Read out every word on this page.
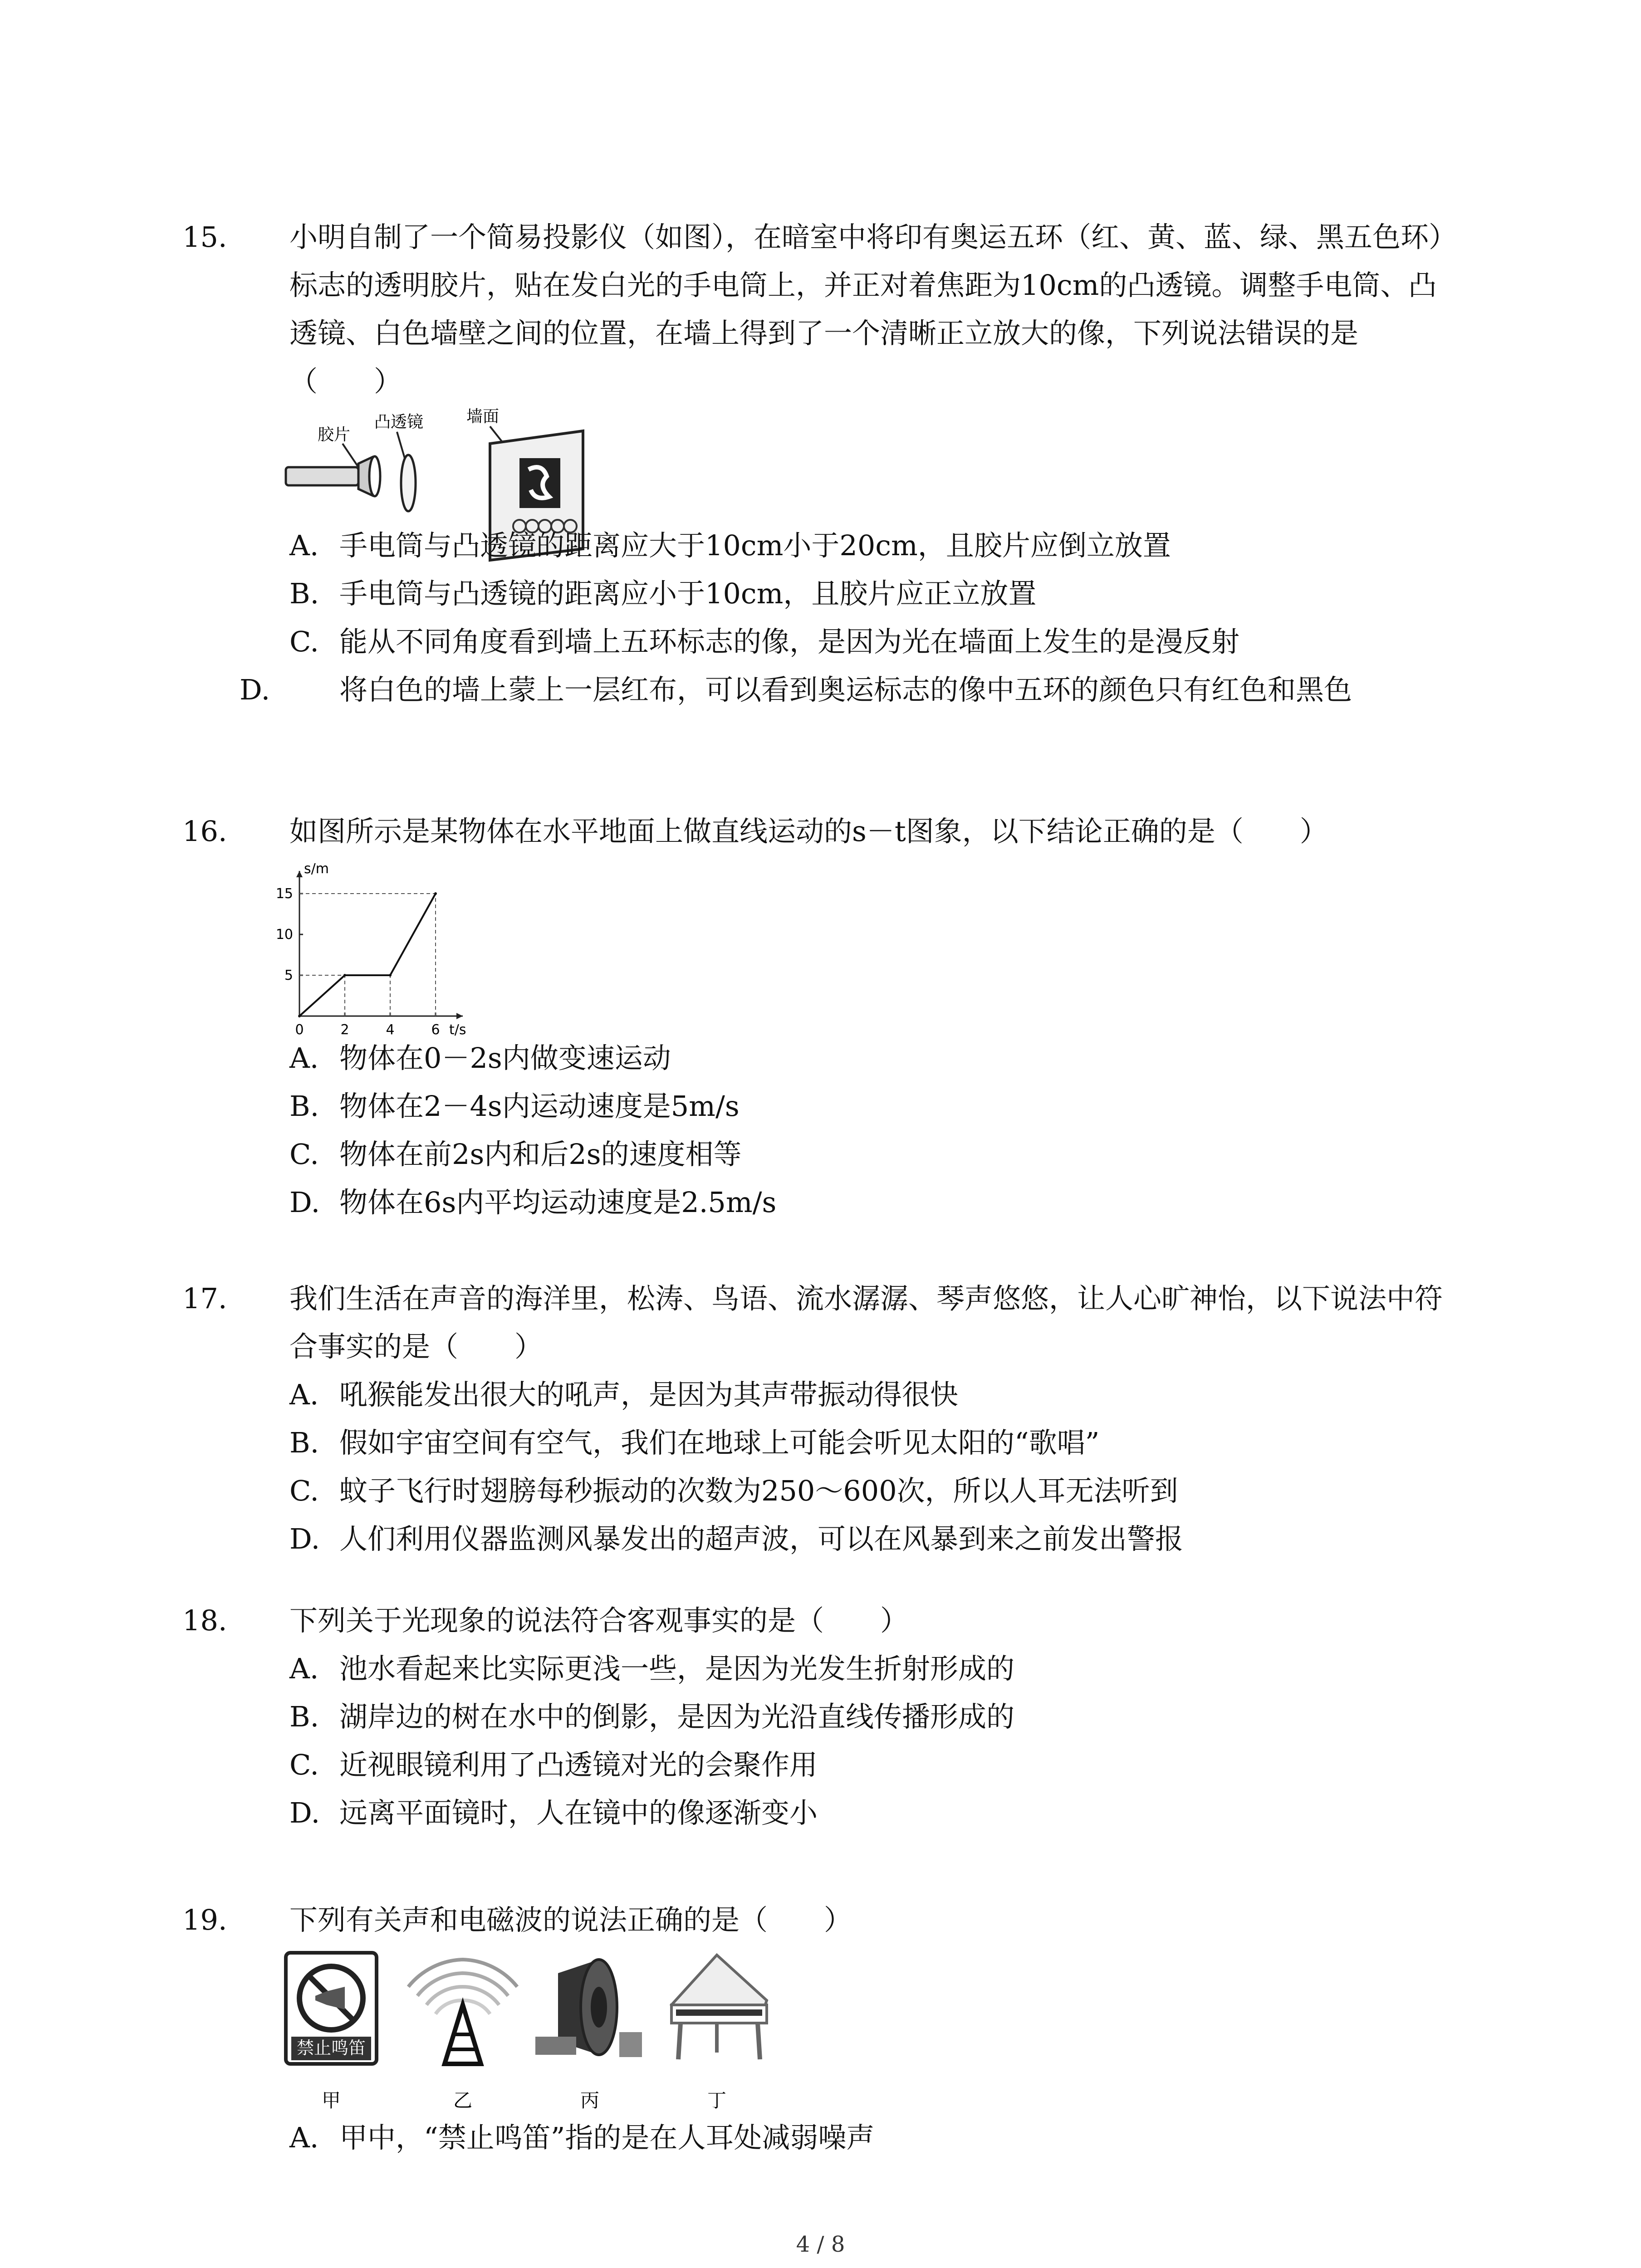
15. 小明自制了一个简易投影仪（如图），在暗室中将印有奥运五环（红、黄、蓝、绿、黑五色环）标志的透明胶片，贴在发白光的手电筒上，并正对着焦距为10cm的凸透镜。调整手电筒、凸透镜、白色墙壁之间的位置，在墙上得到了一个清晰正立放大的像，下列说法错误的是（　　）
胶片
凸透镜	墙面
A. 手电筒与凸透镜的距离应大于10cm小于20cm，且胶片应倒立放置
B. 手电筒与凸透镜的距离应小于10cm，且胶片应正立放置
C. 能从不同角度看到墙上五环标志的像，是因为光在墙面上发生的是漫反射
D. 将白色的墙上蒙上一层红布，可以看到奥运标志的像中五环的颜色只有红色和黑色
16. 如图所示是某物体在水平地面上做直线运动的s－t图象，以下结论正确的是（　　）
t/s
s/m
0	2	4	6
5
10
15
A. 物体在0－2s内做变速运动
B. 物体在2－4s内运动速度是5m/s
C. 物体在前2s内和后2s的速度相等
D. 物体在6s内平均运动速度是2.5m/s
17. 我们生活在声音的海洋里，松涛、鸟语、流水潺潺、琴声悠悠，让人心旷神怡，以下说法中符合事实的是（　　）
A. 吼猴能发出很大的吼声，是因为其声带振动得很快
B. 假如宇宙空间有空气，我们在地球上可能会听见太阳的“歌唱”
C. 蚊子飞行时翅膀每秒振动的次数为250～600次，所以人耳无法听到
D. 人们利用仪器监测风暴发出的超声波，可以在风暴到来之前发出警报
18. 下列关于光现象的说法符合客观事实的是（　　）
A. 池水看起来比实际更浅一些，是因为光发生折射形成的
B. 湖岸边的树在水中的倒影，是因为光沿直线传播形成的
C. 近视眼镜利用了凸透镜对光的会聚作用
D. 远离平面镜时，人在镜中的像逐渐变小
19. 下列有关声和电磁波的说法正确的是（　　）
禁止鸣笛
甲	乙	丙	丁
A. 甲中，“禁止鸣笛”指的是在人耳处减弱噪声
4 / 8
